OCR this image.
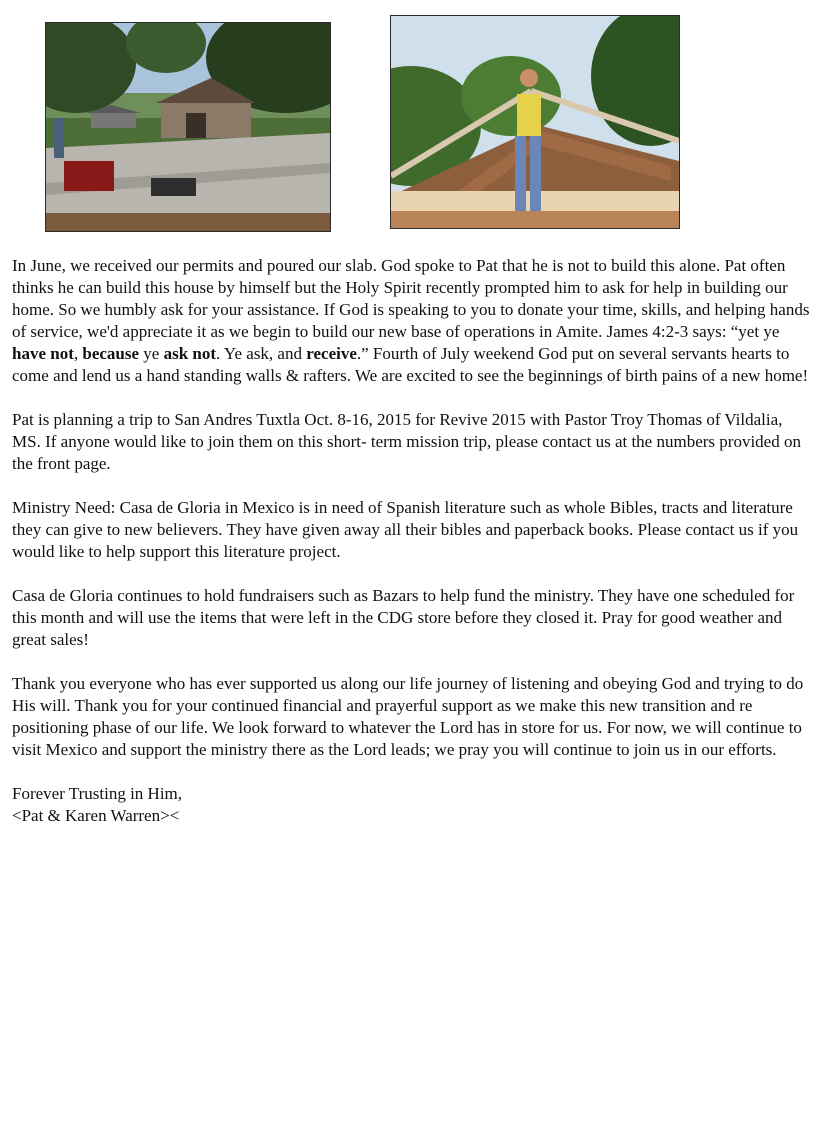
In June, we received our permits and poured our slab. God spoke to Pat that he is not to build this alone. Pat often thinks he can build this house by himself but the Holy Spirit recently prompted him to ask for help in building our home. So we humbly ask for your assistance. If God is speaking to you to donate your time, skills, and helping hands of service, we'd appreciate it as we begin to build our new base of operations in Amite. James 4:2-3 says: “yet ye have not, because ye ask not. Ye ask, and receive.” Fourth of July weekend God put on several servants hearts to come and lend us a hand standing walls & rafters. We are excited to see the beginnings of birth pains of a new home!

Pat is planning a trip to San Andres Tuxtla Oct. 8-16, 2015 for Revive 2015 with Pastor Troy Thomas of Vildalia, MS. If anyone would like to join them on this short- term mission trip, please contact us at the numbers provided on the front page.

Ministry Need: Casa de Gloria in Mexico is in need of Spanish literature such as whole Bibles, tracts and literature they can give to new believers. They have given away all their bibles and paperback books. Please contact us if you would like to help support this literature project.

Casa de Gloria continues to hold fundraisers such as Bazars to help fund the ministry. They have one scheduled for this month and will use the items that were left in the CDG store before they closed it. Pray for good weather and great sales!

Thank you everyone who has ever supported us along our life journey of listening and obeying God and trying to do His will. Thank you for your continued financial and prayerful support as we make this new transition and re positioning phase of our life. We look forward to whatever the Lord has in store for us. For now, we will continue to visit Mexico and support the ministry there as the Lord leads; we pray you will continue to join us in our efforts.

Forever Trusting in Him,

<Pat & Karen Warren><
